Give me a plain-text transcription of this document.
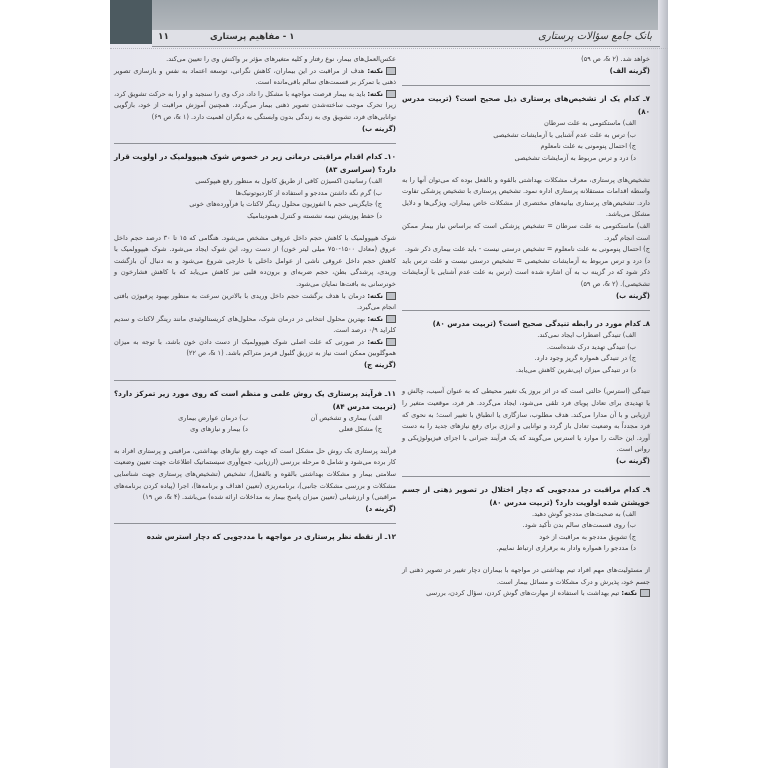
بانک جامع سؤالات پرستاری
۱ - مفاهیم پرستاری
۱۱
خواهد شد. (۲ &، ص ۵۹)
(گزینه الف)
۷ـ کدام یک از تشخیص‌های پرستاری ذیل صحیح است؟ (تربیت مدرس ۸۰)
الف) ماستکتومی به علت سرطان
ب) ترس به علت عدم آشنایی با آزمایشات تشخیصی
ج) احتمال پنومونی به علت نامعلوم
د) درد و ترس مربوط به آزمایشات تشخیصی
تشخیص‌های پرستاری، معرف مشکلات بهداشتی بالقوه و بالفعل بوده که می‌توان آنها را به واسطه اقدامات مستقلانه پرستاری اداره نمود. تشخیص پرستاری با تشخیص پزشکی تفاوت دارد. تشخیص‌های پرستاری بیانیه‌های مختصری از مشکلات خاص بیماران، ویژگی‌ها و دلایل مشکل می‌باشد.
الف) ماستکتومی به علت سرطان = تشخیص پزشکی است که براساس نیاز بیمار ممکن است انجام گیرد.
ج) احتمال پنومونی به علت نامعلوم = تشخیص درستی نیست - باید علت بیماری ذکر شود.
د) درد و ترس مربوط به آزمایشات تشخیصی = تشخیص درستی نیست و علت ترس باید ذکر شود که در گزینه ب به آن اشاره شده است (ترس به علت عدم آشنایی با آزمایشات تشخیصی). (۲ &، ص ۵۹)
(گزینه ب)
۸ـ کدام مورد در رابطه تنیدگی صحیح است؟ (تربیت مدرس ۸۰)
الف) تنیدگی اضطراب ایجاد نمی‌کند.
ب) تنیدگی تهدید درک شده‌است.
ج) در تنیدگی همواره گریز وجود دارد.
د) در تنیدگی میزان اپی‌نفرین کاهش می‌یابد.
تنیدگی (استرس) حالتی است که در اثر بروز یک تغییر محیطی که به عنوان آسیب، چالش و یا تهدیدی برای تعادل پویای فرد تلقی می‌شود، ایجاد می‌گردد. هر فرد، موقعیت متغیر را ارزیابی و با آن مدارا می‌کند. هدف مطلوب، سازگاری یا انطباق با تغییر است؛ به نحوی که فرد مجدداً به وضعیت تعادل باز گردد و توانایی و انرژی برای رفع نیازهای جدید را به دست آورد. این حالت را موارد یا استرس می‌گویند که یک فرآیند جبرانی با اجزای فیزیولوژیکی و روانی است.
(گزینه ب)
۹ـ کدام مراقبت در مددجویی که دچار اختلال در تصویر ذهنی از جسم خویشتن شده اولویت دارد؟ (تربیت مدرس ۸۰)
الف) به صحبت‌های مددجو گوش دهید.
ب) روی قسمت‌های سالم بدن تأکید شود.
ج) تشویق مددجو به مراقبت از خود
د) مددجو را همواره وادار به برقراری ارتباط نماییم.
از مسئولیت‌های مهم افراد تیم بهداشتی در مواجهه با بیماران دچار تغییر در تصویر ذهنی از جسم خود، پذیرش و درک مشکلات و مسائل بیمار است.
نکته: تیم بهداشت با استفاده از مهارت‌های گوش کردن، سؤال کردن، بررسی
عکس‌العمل‌های بیمار، نوع رفتار و کلیه متغیرهای مؤثر بر واکنش وی را تعیین می‌کند.
نکته: هدف از مراقبت در این بیماران، کاهش نگرانی، توسعه اعتماد به نفس و بازسازی تصویر ذهنی با تمرکز بر قسمت‌های سالم باقی‌مانده است.
نکته: باید به بیمار فرصت مواجهه با مشکل را داد، درک وی را سنجید و او را به حرکت تشویق کرد، زیرا تحرک موجب ساخته‌شدن تصویر ذهنی بیمار می‌گردد. همچنین آموزش مراقبت از خود، بازگویی توانایی‌های فرد، تشویق وی به زندگی بدون وابستگی به دیگران اهمیت دارد. (۱ &، ص ۶۹)
(گزینه ب)
۱۰ـ کدام اقدام مراقبتی درمانی زیر در خصوص شوک هیپوولمیک در اولویت قرار دارد؟ (سراسری ۸۳)
الف) رسانیدن اکسیژن کافی از طریق کانول به منظور رفع هیپوکسی
ب) گرم نگه داشتن مددجو و استفاده از کاردیوتونیک‌ها
ج) جایگزینی حجم با انفوزیون محلول رینگر لاکتات یا فرآورده‌های خونی
د) حفظ پوزیشن نیمه نشسته و کنترل همودینامیک
شوک هیپوولمیک با کاهش حجم داخل عروقی مشخص می‌شود. هنگامی که ۱۵ تا ۳۰ درصد حجم داخل عروق (معادل ۱۵۰۰-۷۵۰ میلی لیتر خون) از دست رود، این شوک ایجاد می‌شود. شوک هیپوولمیک با کاهش حجم داخل عروقی ناشی از عوامل داخلی یا خارجی شروع می‌شود و به دنبال آن بازگشت وریدی، پرشدگی بطن، حجم ضربه‌ای و برون‌ده قلبی نیز کاهش می‌یابد که با کاهش فشارخون و خونرسانی به بافت‌ها نمایان می‌شود.
نکته: درمان با هدف برگشت حجم داخل وریدی با بالاترین سرعت به منظور بهبود پرفیوژن بافتی انجام می‌گیرد.
نکته: بهترین محلول انتخابی در درمان شوک، محلول‌های کریستالوئیدی مانند رینگر لاکتات و سدیم کلراید ۰/۹ درصد است.
نکته: در صورتی که علت اصلی شوک هیپوولمیک از دست دادن خون باشد، با توجه به میزان هموگلوبین ممکن است نیاز به تزریق گلبول قرمز متراکم باشد. (۱ &، ص ۲۲)
(گزینه ج)
۱۱ـ فرآیند پرستاری یک روش علمی و منظم است که روی مورد زیر تمرکز دارد؟ (تربیت مدرس ۸۴)
الف) بیماری و تشخیص آن
ب) درمان عوارض بیماری
ج) مشکل فعلی
د) بیمار و نیازهای وی
فرآیند پرستاری یک روش حل مشکل است که جهت رفع نیازهای بهداشتی، مراقبتی و پرستاری افراد به کار برده می‌شود و شامل ۵ مرحله بررسی (ارزیابی، جمع‌آوری سیستماتیک اطلاعات جهت تعیین وضعیت سلامتی بیمار و مشکلات بهداشتی بالقوه و بالفعل)، تشخیص (تشخیص‌های پرستاری جهت شناسایی مشکلات و بررسی مشکلات جانبی)، برنامه‌ریزی (تعیین اهداف و برنامه‌ها)، اجرا (پیاده کردن برنامه‌های مراقبتی) و ارزشیابی (تعیین میزان پاسخ بیمار به مداخلات ارائه شده) می‌باشد. (۴ &، ص ۱۹)
(گزینه د)
۱۲ـ از نقطه نظر پرستاری در مواجهه با مددجویی که دچار استرس شده
